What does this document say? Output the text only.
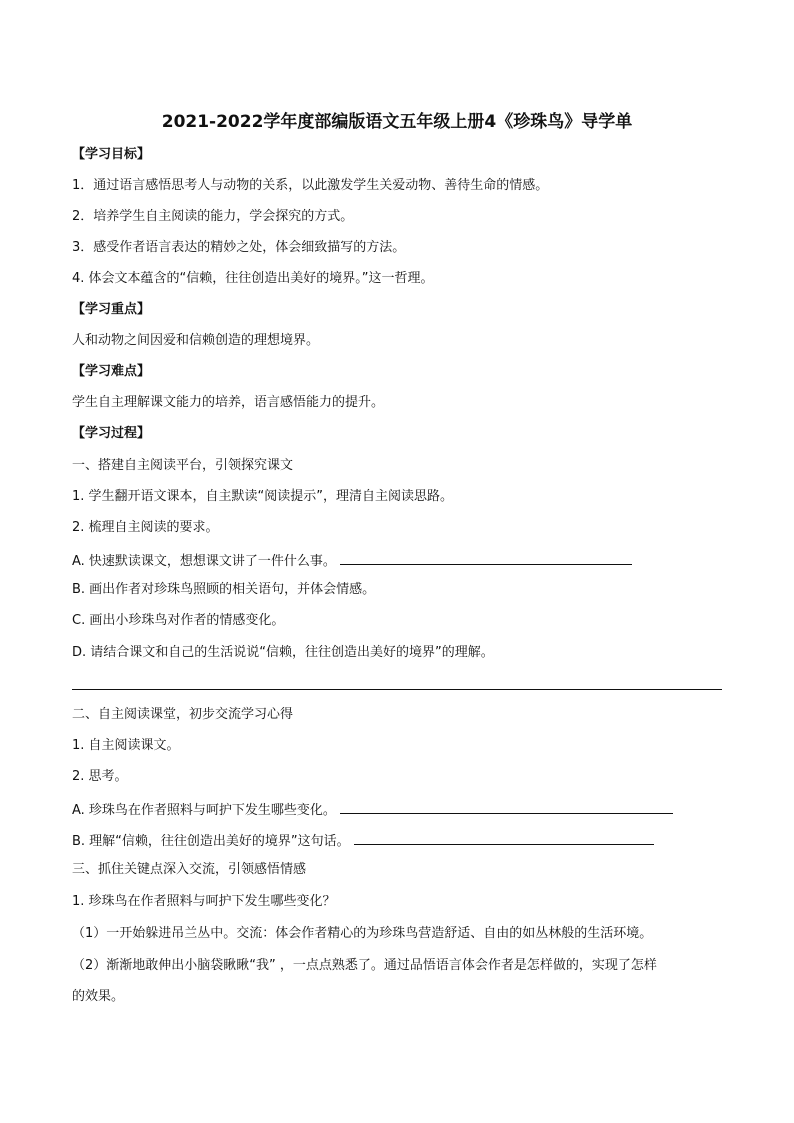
2021-2022学年度部编版语文五年级上册4《珍珠鸟》导学单
【学习目标】
1．通过语言感悟思考人与动物的关系，以此激发学生关爱动物、善待生命的情感。
2．培养学生自主阅读的能力，学会探究的方式。
3．感受作者语言表达的精妙之处，体会细致描写的方法。
4. 体会文本蕴含的“信赖，往往创造出美好的境界。”这一哲理。
【学习重点】
人和动物之间因爱和信赖创造的理想境界。
【学习难点】
学生自主理解课文能力的培养，语言感悟能力的提升。
【学习过程】
一、搭建自主阅读平台，引领探究课文
1. 学生翻开语文课本，自主默读“阅读提示”，理清自主阅读思路。
2. 梳理自主阅读的要求。
A. 快速默读课文，想想课文讲了一件什么事。
B. 画出作者对珍珠鸟照顾的相关语句，并体会情感。
C. 画出小珍珠鸟对作者的情感变化。
D. 请结合课文和自己的生活说说“信赖，往往创造出美好的境界”的理解。
二、自主阅读课堂，初步交流学习心得
1. 自主阅读课文。
2. 思考。
A. 珍珠鸟在作者照料与呵护下发生哪些变化。
B. 理解“信赖，往往创造出美好的境界”这句话。
三、抓住关键点深入交流，引领感悟情感
1. 珍珠鸟在作者照料与呵护下发生哪些变化？
（1）一开始躲进吊兰丛中。交流：体会作者精心的为珍珠鸟营造舒适、自由的如丛林般的生活环境。
（2）渐渐地敢伸出小脑袋瞅瞅“我” ，一点点熟悉了。通过品悟语言体会作者是怎样做的，实现了怎样
的效果。
